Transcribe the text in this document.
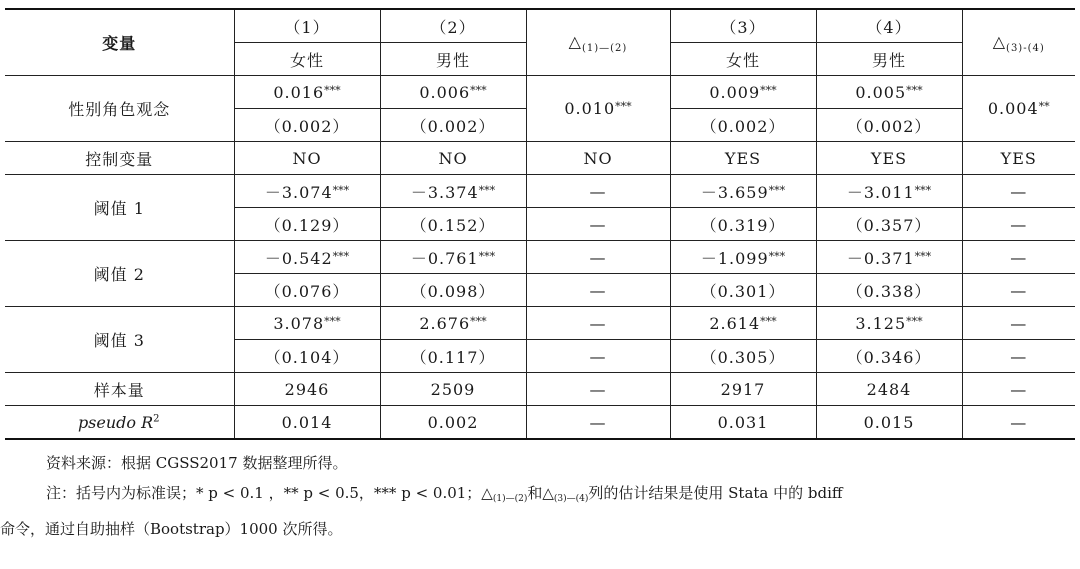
变量	（1）	（2）	$\triangle_{(1)—(2)}$	（3）	（4）	$\triangle_{(3)-(4)}$
	女性	男性		女性	男性	
性别角色观念	0.016***	0.006***	0.010***	0.009***	0.005***	0.004**
	（0.002）	（0.002）		（0.002）	（0.002）	
控制变量	NO	NO	NO	YES	YES	YES
阈值 1	－3.074***	－3.374***	—	－3.659***	－3.011***	—
	（0.129）	（0.152）	—	（0.319）	（0.357）	—
阈值 2	－0.542***	－0.761***	—	－1.099***	－0.371***	—
	（0.076）	（0.098）	—	（0.301）	（0.338）	—
阈值 3	3.078***	2.676***	—	2.614***	3.125***	—
	（0.104）	（0.117）	—	（0.305）	（0.346）	—
样本量	2946	2509	—	2917	2484	—
pseudo $R^2$	0.014	0.002	—	0.031	0.015	—

资料来源：根据 CGSS2017 数据整理所得。

注：括号内为标准误；* p < 0.1 ，** p < 0.5，*** p < 0.01；$\triangle_{(1)—(2)}$和$\triangle_{(3)—(4)}$列的估计结果是使用 Stata 中的 bdiff

命令，通过自助抽样（Bootstrap）1000 次所得。
